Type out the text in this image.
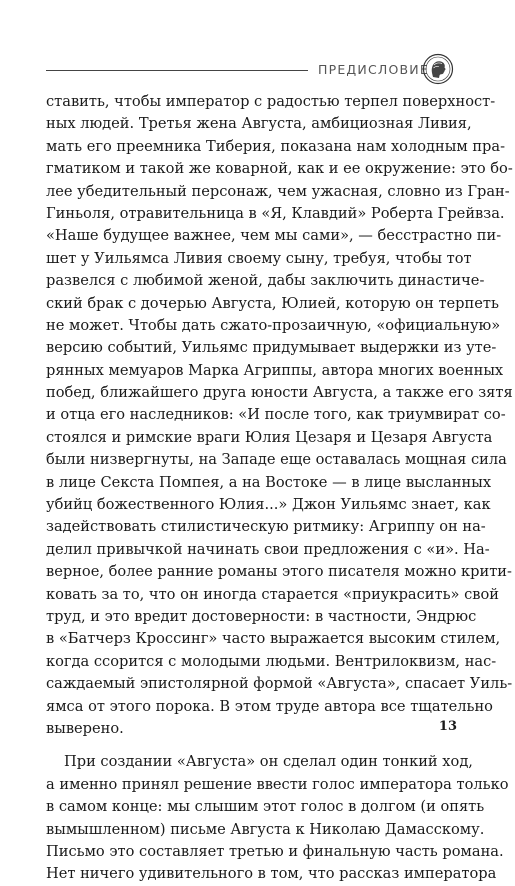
ПРЕДИСЛОВИЕ
ставить, чтобы император с радостью терпел поверхност-
ных людей. Третья жена Августа, амбициозная Ливия,
мать его преемника Тиберия, показана нам холодным пра-
гматиком и такой же коварной, как и ее окружение: это бо-
лее убедительный персонаж, чем ужасная, словно из Гран-
Гиньоля, отравительница в «Я, Клавдий» Роберта Грейвза.
«Наше будущее важнее, чем мы сами», — бесстрастно пи-
шет у Уильямса Ливия своему сыну, требуя, чтобы тот
развелся с любимой женой, дабы заключить династиче-
ский брак с дочерью Августа, Юлией, которую он терпеть
не может. Чтобы дать сжато-прозаичную, «официальную»
версию событий, Уильямс придумывает выдержки из уте-
рянных мемуаров Марка Агриппы, автора многих военных
побед, ближайшего друга юности Августа, а также его зятя
и отца его наследников: «И после того, как триумвират со-
стоялся и римские враги Юлия Цезаря и Цезаря Августа
были низвергнуты, на Западе еще оставалась мощная сила
в лице Секста Помпея, а на Востоке — в лице высланных
убийц божественного Юлия...» Джон Уильямс знает, как
задействовать стилистическую ритмику: Агриппу он на-
делил привычкой начинать свои предложения с «и». На-
верное, более ранние романы этого писателя можно крити-
ковать за то, что он иногда старается «приукрасить» свой
труд, и это вредит достоверности: в частности, Эндрюс
в «Батчерз Кроссинг» часто выражается высоким стилем,
когда ссорится с молодыми людьми. Вентрилоквизм, нас-
саждаемый эпистолярной формой «Августа», спасает Уиль-
ямса от этого порока. В этом труде автора все тщательно
выверено.
При создании «Августа» он сделал один тонкий ход,
а именно принял решение ввести голос императора только
в самом конце: мы слышим этот голос в долгом (и опять
вымышленном) письме Августа к Николаю Дамасскому.
Письмо это составляет третью и финальную часть романа.
Нет ничего удивительного в том, что рассказ императора
13
